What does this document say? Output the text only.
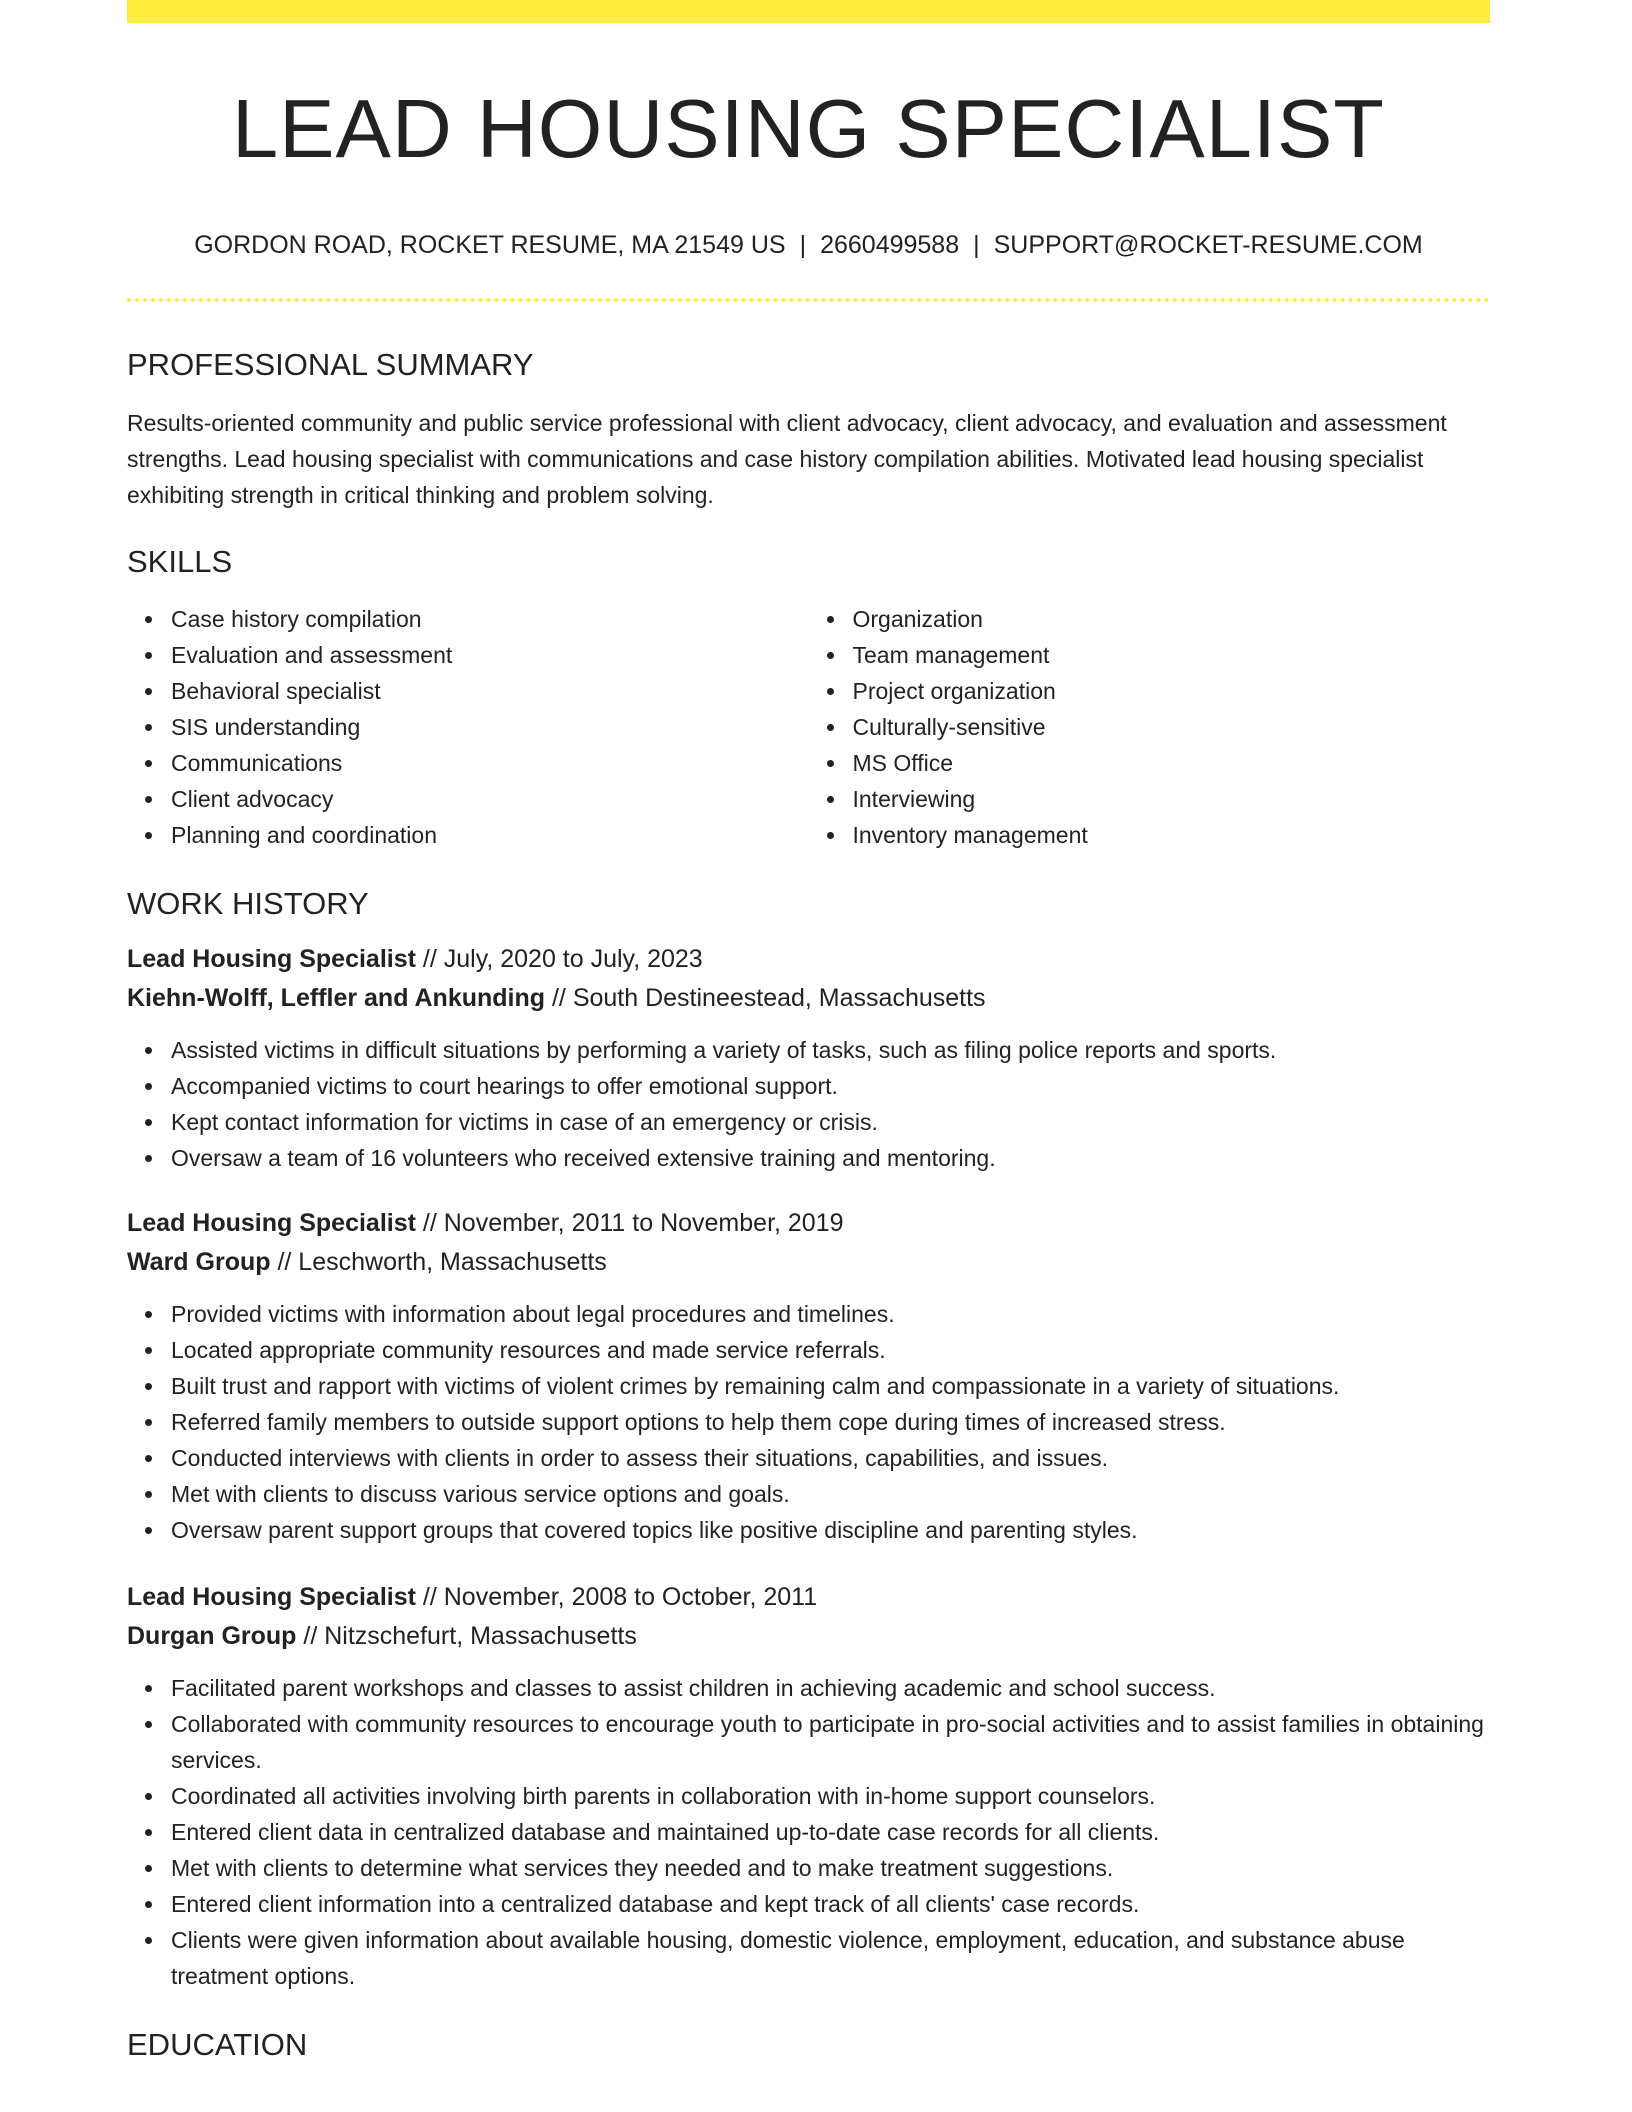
LEAD HOUSING SPECIALIST
GORDON ROAD, ROCKET RESUME, MA 21549 US | 2660499588 | SUPPORT@ROCKET-RESUME.COM
PROFESSIONAL SUMMARY

Results-oriented community and public service professional with client advocacy, client advocacy, and evaluation and assessment strengths. Lead housing specialist with communications and case history compilation abilities. Motivated lead housing specialist exhibiting strength in critical thinking and problem solving.

SKILLS
Case history compilation
Evaluation and assessment
Behavioral specialist
SIS understanding
Communications
Client advocacy
Planning and coordination
Organization
Team management
Project organization
Culturally-sensitive
MS Office
Interviewing
Inventory management
WORK HISTORY
Lead Housing Specialist // July, 2020 to July, 2023
Kiehn-Wolff, Leffler and Ankunding // South Destineestead, Massachusetts
Assisted victims in difficult situations by performing a variety of tasks, such as filing police reports and sports.
Accompanied victims to court hearings to offer emotional support.
Kept contact information for victims in case of an emergency or crisis.
Oversaw a team of 16 volunteers who received extensive training and mentoring.
Lead Housing Specialist // November, 2011 to November, 2019
Ward Group // Leschworth, Massachusetts
Provided victims with information about legal procedures and timelines.
Located appropriate community resources and made service referrals.
Built trust and rapport with victims of violent crimes by remaining calm and compassionate in a variety of situations.
Referred family members to outside support options to help them cope during times of increased stress.
Conducted interviews with clients in order to assess their situations, capabilities, and issues.
Met with clients to discuss various service options and goals.
Oversaw parent support groups that covered topics like positive discipline and parenting styles.
Lead Housing Specialist // November, 2008 to October, 2011
Durgan Group // Nitzschefurt, Massachusetts
Facilitated parent workshops and classes to assist children in achieving academic and school success.
Collaborated with community resources to encourage youth to participate in pro-social activities and to assist families in obtaining services.
Coordinated all activities involving birth parents in collaboration with in-home support counselors.
Entered client data in centralized database and maintained up-to-date case records for all clients.
Met with clients to determine what services they needed and to make treatment suggestions.
Entered client information into a centralized database and kept track of all clients' case records.
Clients were given information about available housing, domestic violence, employment, education, and substance abuse treatment options.
EDUCATION
